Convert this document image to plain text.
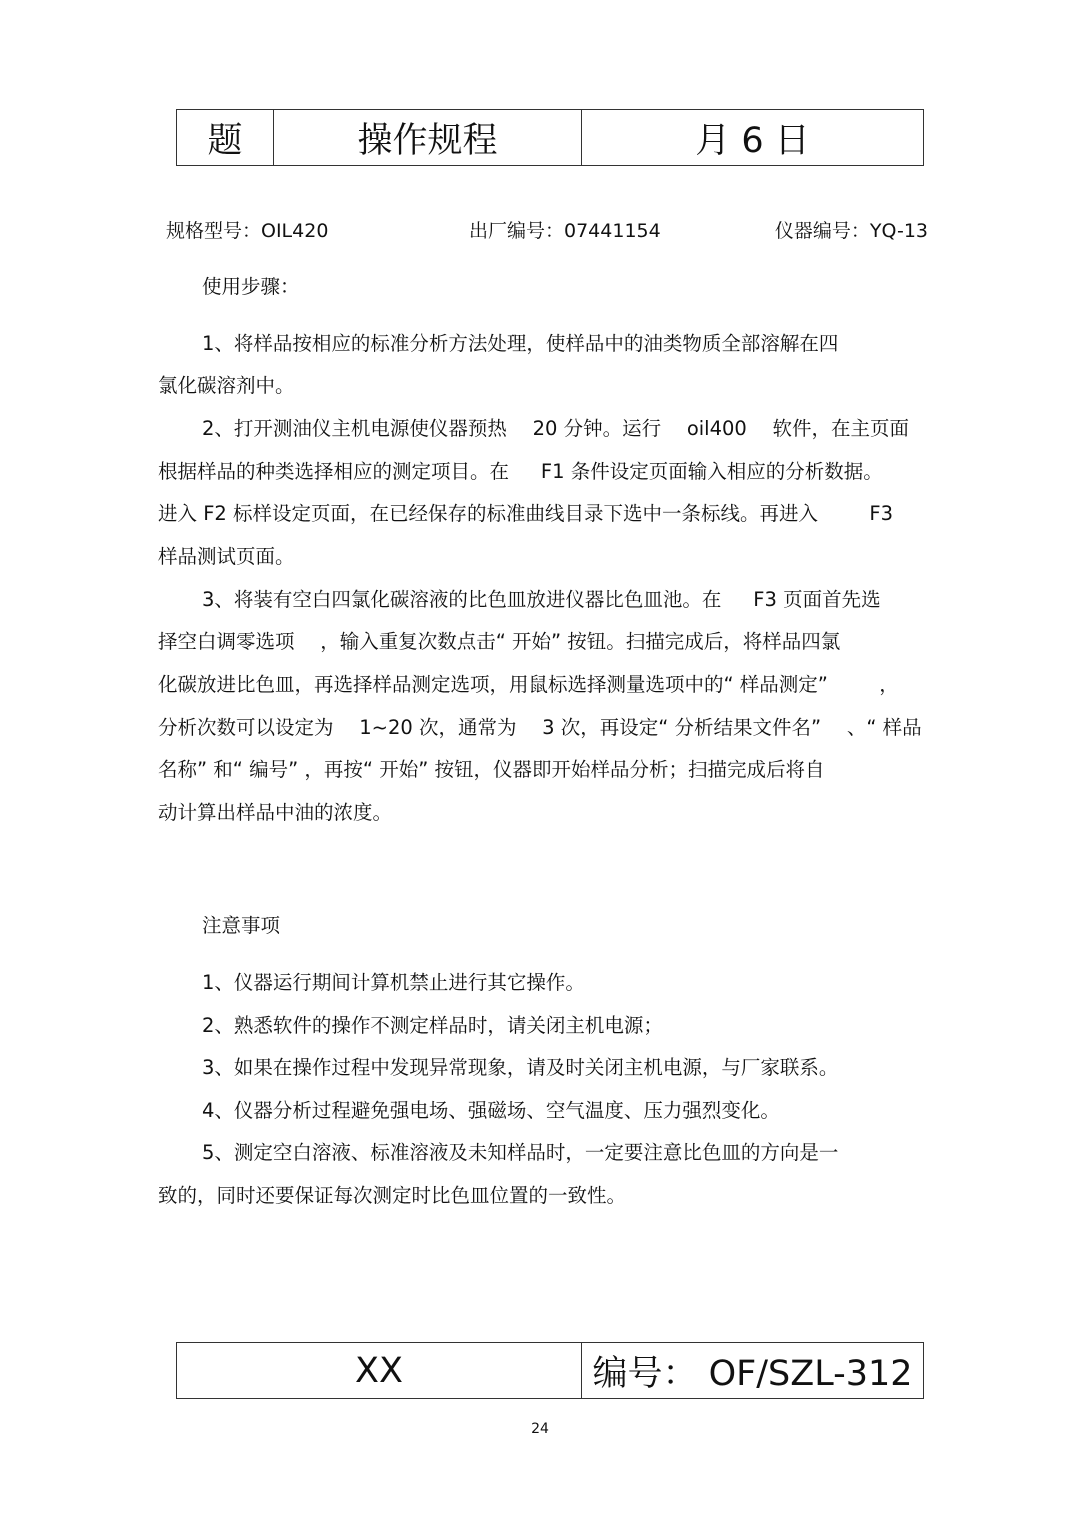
题	操作规程	月 6 日
规格型号：OIL420	出厂编号：07441154	仪器编号：YQ-13
使用步骤：
1、将样品按相应的标准分析方法处理，使样品中的油类物质全部溶解在四
氯化碳溶剂中。
2、打开测油仪主机电源使仪器预热 　20 分钟。运行 　oil400 　软件，在主页面
根据样品的种类选择相应的测定项目。在 　 F1 条件设定页面输入相应的分析数据。
进入 F2 标样设定页面，在已经保存的标准曲线目录下选中一条标线。再进入 　　 F3
样品测试页面。
3、将装有空白四氯化碳溶液的比色皿放进仪器比色皿池。在 　 F3 页面首先选
择空白调零选项 　，输入重复次数点击“ 开始” 按钮。扫描完成后，将样品四氯
化碳放进比色皿，再选择样品测定选项，用鼠标选择测量选项中的“ 样品测定” 　　 ，
分析次数可以设定为 　1~20 次，通常为 　3 次，再设定“ 分析结果文件名” 　、“ 样品
名称” 和“ 编号” ，再按“ 开始” 按钮，仪器即开始样品分析；扫描完成后将自
动计算出样品中油的浓度。
注意事项
1、仪器运行期间计算机禁止进行其它操作。
2、熟悉软件的操作不测定样品时，请关闭主机电源；
3、如果在操作过程中发现异常现象，请及时关闭主机电源，与厂家联系。
4、仪器分析过程避免强电场、强磁场、空气温度、压力强烈变化。
5、测定空白溶液、标准溶液及未知样品时，一定要注意比色皿的方向是一
致的，同时还要保证每次测定时比色皿位置的一致性。
XX	编号： OF/SZL-312
24
